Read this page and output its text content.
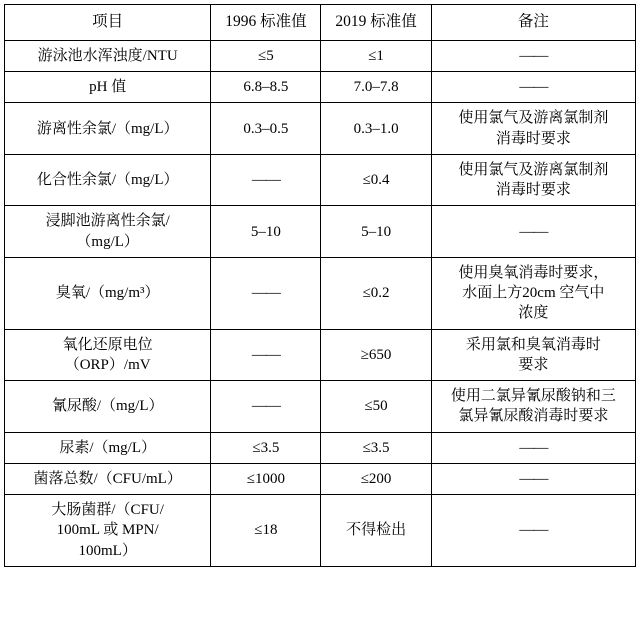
项目	1996 标准值	2019 标准值	备注

游泳池水浑浊度/NTU	≤5	≤1	——

pH 值	6.8–8.5	7.0–7.8	——

游离性余氯/（mg/L）	0.3–0.5	0.3–1.0	使用氯气及游离氯制剂
消毒时要求

化合性余氯/（mg/L）	——	≤0.4	使用氯气及游离氯制剂
消毒时要求

浸脚池游离性余氯/
（mg/L）	5–10	5–10	——

臭氧/（mg/m³）	——	≤0.2	使用臭氧消毒时要求，
水面上方20cm 空气中
浓度

氧化还原电位
（ORP）/mV	——	≥650	采用氯和臭氧消毒时
要求

氰尿酸/（mg/L）	——	≤50	使用二氯异氰尿酸钠和三
氯异氰尿酸消毒时要求

尿素/（mg/L）	≤3.5	≤3.5	——

菌落总数/（CFU/mL）	≤1000	≤200	——

大肠菌群/（CFU/
100mL 或 MPN/
100mL）	≤18	不得检出	——
